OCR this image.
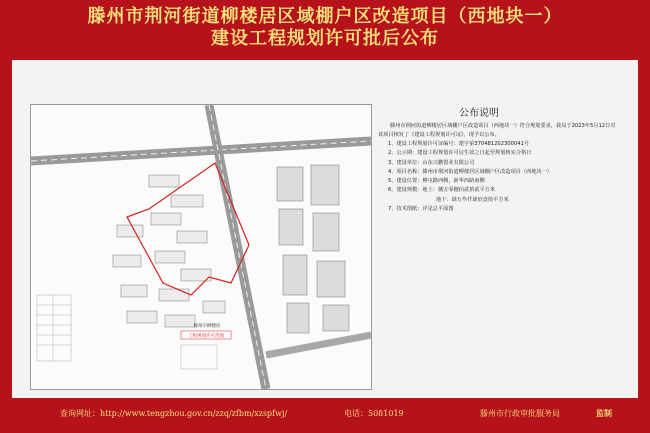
滕州市荆河街道柳楼居区域棚户区改造项目（西地块一）
建设工程规划许可批后公布
工程规划许可范围
滕州市柳楼居
公布说明
滕州市荆河街道柳楼居区域棚户区改造项目（西地块一）符合规划要求，我局于2023年5月12日对
该项目核发了《建设工程规划许可证》，现予以公布。
1、建设工程规划许可证编号：建字第370481202300041号
2、公示期：建设工程规划许可证生效之日起至规划核实合格日
3、建设单位：山东兴鹏置业有限公司
4、项目名称：滕州市荆河街道柳楼居区域棚户区改造项目（西地块一）
5、建设位置：柳屯路西侧，新华西路南侧
6、建设规模：地上：捌万零捌佰贰拾贰平方米
地下：肆万叁仟肆佰壹拾平方米
7、技术图纸：详见总平面图
查询网址：http://www.tengzhou.gov.cn/zzq/zfbm/xzspfwj/	电话：5081019	滕州市行政审批服务局	监制
